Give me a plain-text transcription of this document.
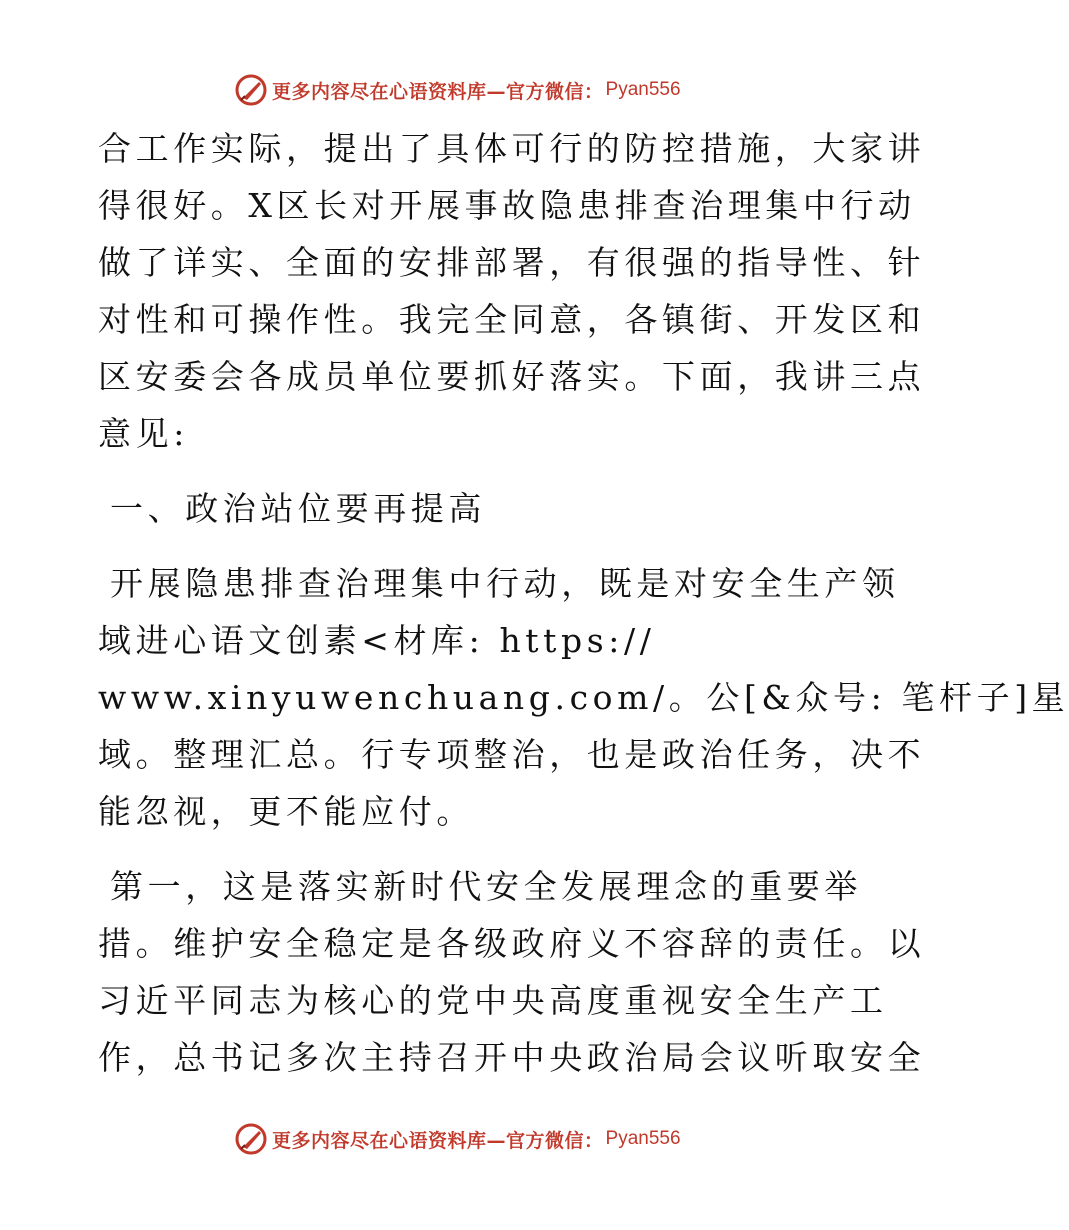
更多内容尽在心语资料库—官方微信： Pyan556
合工作实际，提出了具体可行的防控措施，大家讲
得很好。X区长对开展事故隐患排查治理集中行动
做了详实、全面的安排部署，有很强的指导性、针
对性和可操作性。我完全同意，各镇街、开发区和
区安委会各成员单位要抓好落实。下面，我讲三点
意见:
一、政治站位要再提高
开展隐患排查治理集中行动，既是对安全生产领
域进心语文创素<材库: https://
www.xinyuwenchuang.com/。公[&众号: 笔杆子]星
域。整理汇总。行专项整治，也是政治任务，决不
能忽视，更不能应付。
第一，这是落实新时代安全发展理念的重要举
措。维护安全稳定是各级政府义不容辞的责任。以
习近平同志为核心的党中央高度重视安全生产工
作，总书记多次主持召开中央政治局会议听取安全
更多内容尽在心语资料库—官方微信： Pyan556
